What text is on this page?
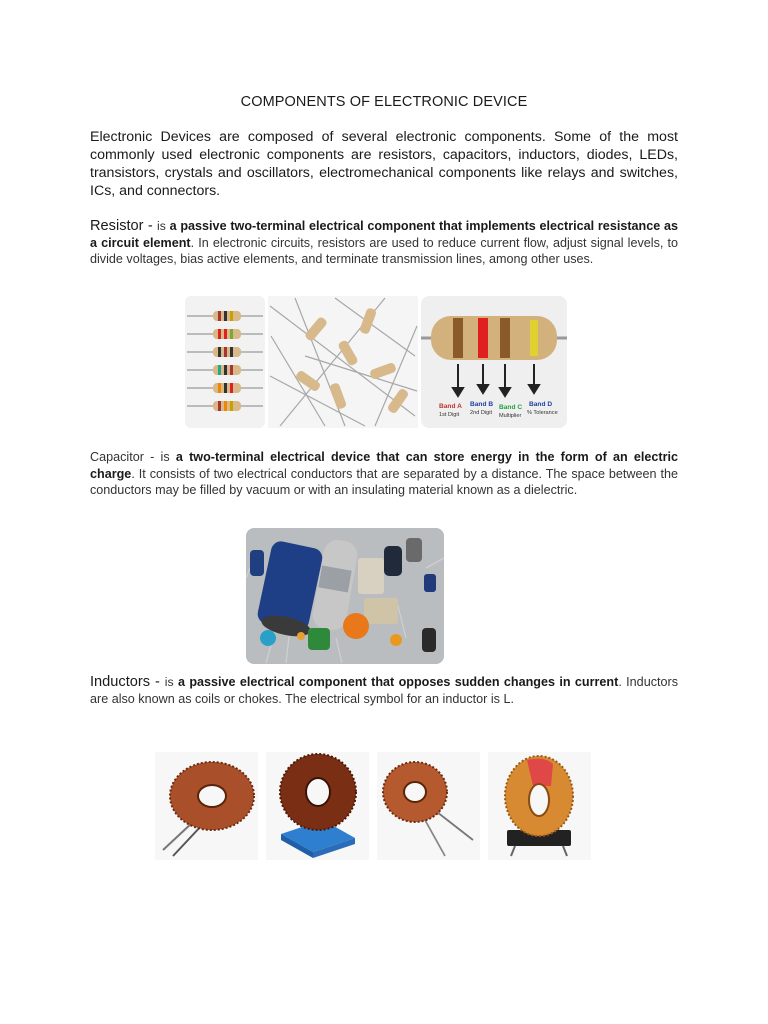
COMPONENTS OF ELECTRONIC DEVICE
Electronic Devices are composed of several electronic components. Some of the most commonly used electronic components are resistors, capacitors, inductors, diodes, LEDs, transistors, crystals and oscillators, electromechanical components like relays and switches, ICs, and connectors.
Resistor - is a passive two-terminal electrical component that implements electrical resistance as a circuit element. In electronic circuits, resistors are used to reduce current flow, adjust signal levels, to divide voltages, bias active elements, and terminate transmission lines, among other uses.
Band A
1st Digit
Band B
2nd Digit
Band C
Multiplier
Band D
% Tolerance
Capacitor - is a two-terminal electrical device that can store energy in the form of an electric charge. It consists of two electrical conductors that are separated by a distance. The space between the conductors may be filled by vacuum or with an insulating material known as a dielectric.
Inductors - is a passive electrical component that opposes sudden changes in current. Inductors are also known as coils or chokes. The electrical symbol for an inductor is L.
